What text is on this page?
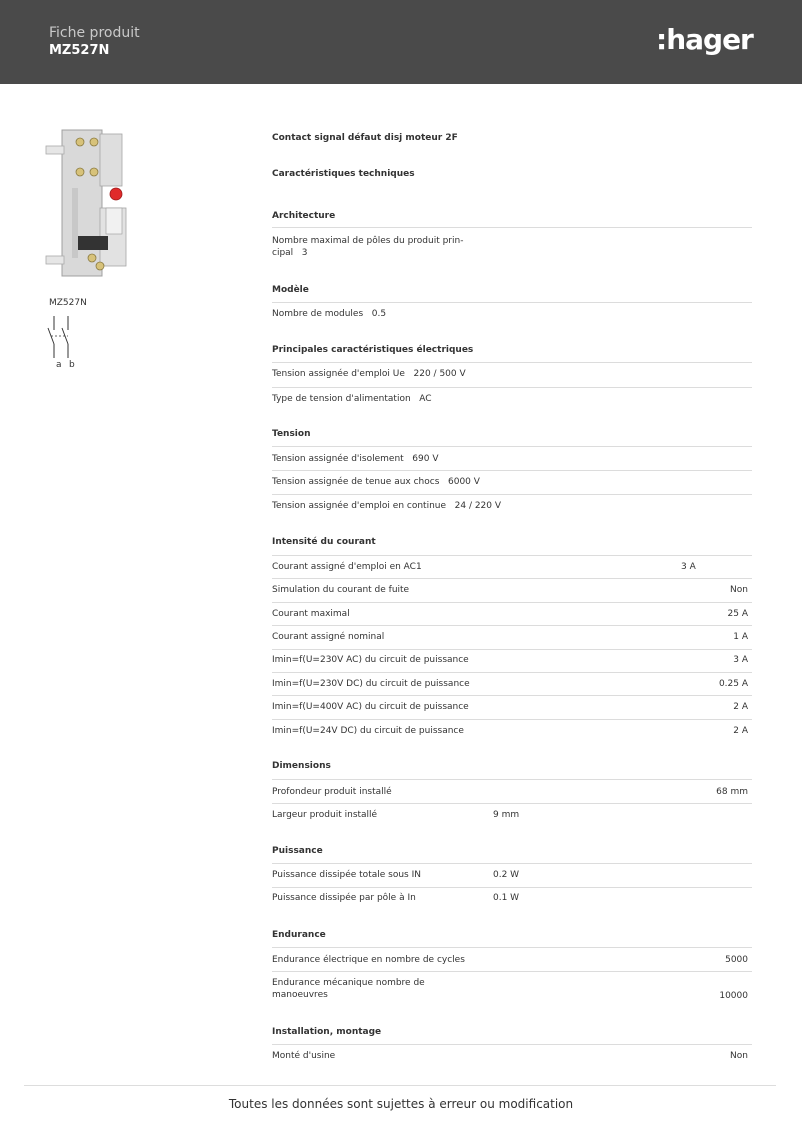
Fiche produit
MZ527N	:hager
MZ527N
a b
Contact signal défaut disj moteur 2F
Caractéristiques techniques
Architecture
Nombre maximal de pôles du produit prin-
cipal 3
Modèle
Nombre de modules 0.5
Principales caractéristiques électriques
Tension assignée d'emploi Ue 220 / 500 V
Type de tension d'alimentation AC
Tension
Tension assignée d'isolement 690 V
Tension assignée de tenue aux chocs 6000 V
Tension assignée d'emploi en continue 24 / 220 V
Intensité du courant
Courant assigné d'emploi en AC1	3 A
Simulation du courant de fuite	Non
Courant maximal	25 A
Courant assigné nominal	1 A
Imin=f(U=230V AC) du circuit de puissance	3 A
Imin=f(U=230V DC) du circuit de puissance	0.25 A
Imin=f(U=400V AC) du circuit de puissance	2 A
Imin=f(U=24V DC) du circuit de puissance	2 A
Dimensions
Profondeur produit installé	68 mm
Largeur produit installé	9 mm
Puissance
Puissance dissipée totale sous IN	0.2 W
Puissance dissipée par pôle à In	0.1 W
Endurance
Endurance électrique en nombre de cycles	5000
Endurance mécanique nombre de
manoeuvres	10000
Installation, montage
Monté d'usine	Non
Toutes les données sont sujettes à erreur ou modification
